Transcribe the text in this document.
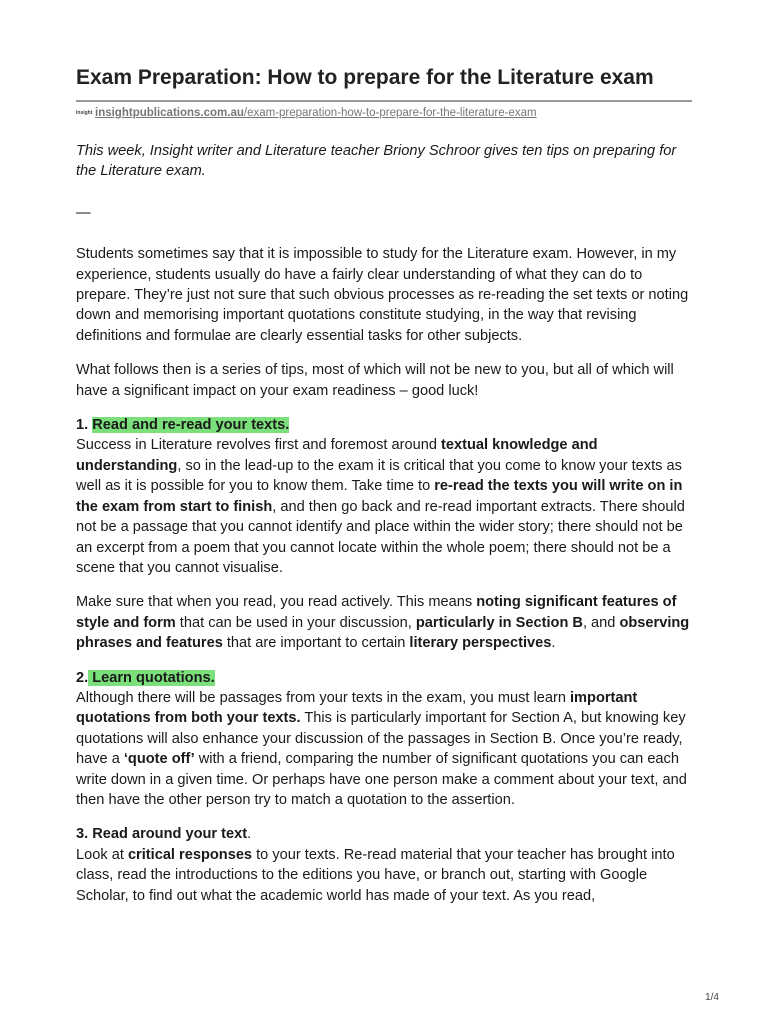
Exam Preparation: How to prepare for the Literature exam
insight insightpublications.com.au/exam-preparation-how-to-prepare-for-the-literature-exam

This week, Insight writer and Literature teacher Briony Schroor gives ten tips on preparing for the Literature exam.

—

Students sometimes say that it is impossible to study for the Literature exam. However, in my experience, students usually do have a fairly clear understanding of what they can do to prepare. They’re just not sure that such obvious processes as re-reading the set texts or noting down and memorising important quotations constitute studying, in the way that revising definitions and formulae are clearly essential tasks for other subjects.

What follows then is a series of tips, most of which will not be new to you, but all of which will have a significant impact on your exam readiness – good luck!

1. Read and re-read your texts.

Success in Literature revolves first and foremost around textual knowledge and understanding, so in the lead-up to the exam it is critical that you come to know your texts as well as it is possible for you to know them. Take time to re-read the texts you will write on in the exam from start to finish, and then go back and re-read important extracts. There should not be a passage that you cannot identify and place within the wider story; there should not be an excerpt from a poem that you cannot locate within the whole poem; there should not be a scene that you cannot visualise.

Make sure that when you read, you read actively. This means noting significant features of style and form that can be used in your discussion, particularly in Section B, and observing phrases and features that are important to certain literary perspectives.

2. Learn quotations.

Although there will be passages from your texts in the exam, you must learn important quotations from both your texts. This is particularly important for Section A, but knowing key quotations will also enhance your discussion of the passages in Section B. Once you’re ready, have a ‘quote off’ with a friend, comparing the number of significant quotations you can each write down in a given time. Or perhaps have one person make a comment about your text, and then have the other person try to match a quotation to the assertion.

3. Read around your text.

Look at critical responses to your texts. Re-read material that your teacher has brought into class, read the introductions to the editions you have, or branch out, starting with Google Scholar, to find out what the academic world has made of your text. As you read,

1/4
